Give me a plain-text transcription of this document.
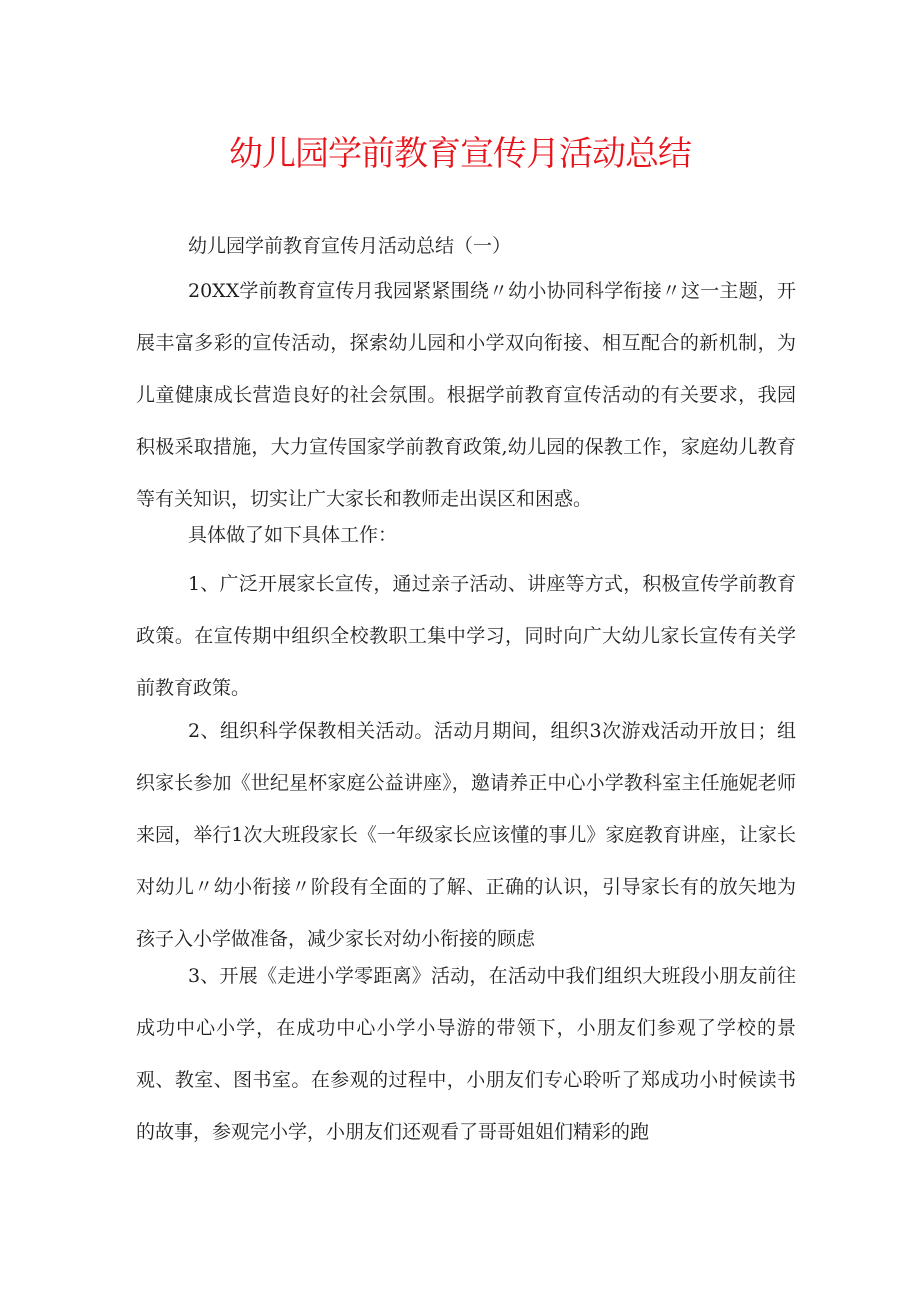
幼儿园学前教育宣传月活动总结

幼儿园学前教育宣传月活动总结（一）

20XX学前教育宣传月我园紧紧围绕〃幼小协同科学衔接〃这一主题，开展丰富多彩的宣传活动，探索幼儿园和小学双向衔接、相互配合的新机制，为儿童健康成长营造良好的社会氛围。根据学前教育宣传活动的有关要求，我园积极采取措施，大力宣传国家学前教育政策,幼儿园的保教工作，家庭幼儿教育等有关知识，切实让广大家长和教师走出误区和困惑。

具体做了如下具体工作：

1、广泛开展家长宣传，通过亲子活动、讲座等方式，积极宣传学前教育政策。在宣传期中组织全校教职工集中学习，同时向广大幼儿家长宣传有关学前教育政策。

2、组织科学保教相关活动。活动月期间，组织3次游戏活动开放日；组织家长参加《世纪星杯家庭公益讲座》，邀请养正中心小学教科室主任施妮老师来园，举行1次大班段家长《一年级家长应该懂的事儿》家庭教育讲座，让家长对幼儿〃幼小衔接〃阶段有全面的了解、正确的认识，引导家长有的放矢地为孩子入小学做准备，减少家长对幼小衔接的顾虑

3、开展《走进小学零距离》活动，在活动中我们组织大班段小朋友前往成功中心小学，在成功中心小学小导游的带领下，小朋友们参观了学校的景观、教室、图书室。在参观的过程中，小朋友们专心聆听了郑成功小时候读书的故事，参观完小学，小朋友们还观看了哥哥姐姐们精彩的跑
